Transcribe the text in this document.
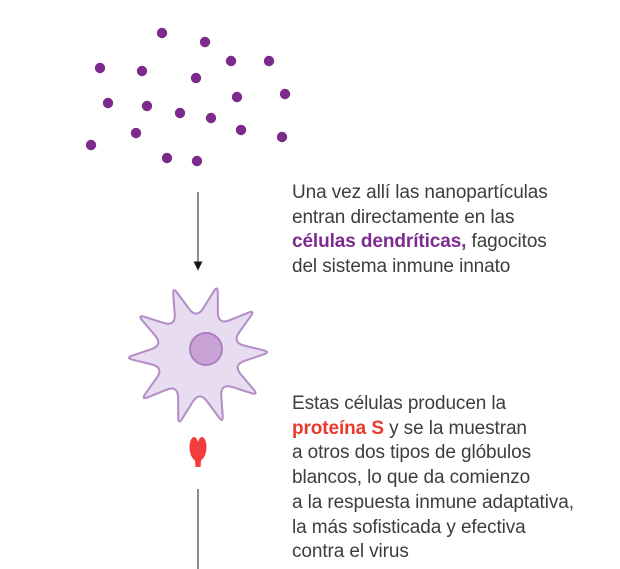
Una vez allí las nanopartículas
entran directamente en las
células dendríticas, fagocitos
del sistema inmune innato
Estas células producen la
proteína S y se la muestran
a otros dos tipos de glóbulos
blancos, lo que da comienzo
a la respuesta inmune adaptativa,
la más sofisticada y efectiva
contra el virus
